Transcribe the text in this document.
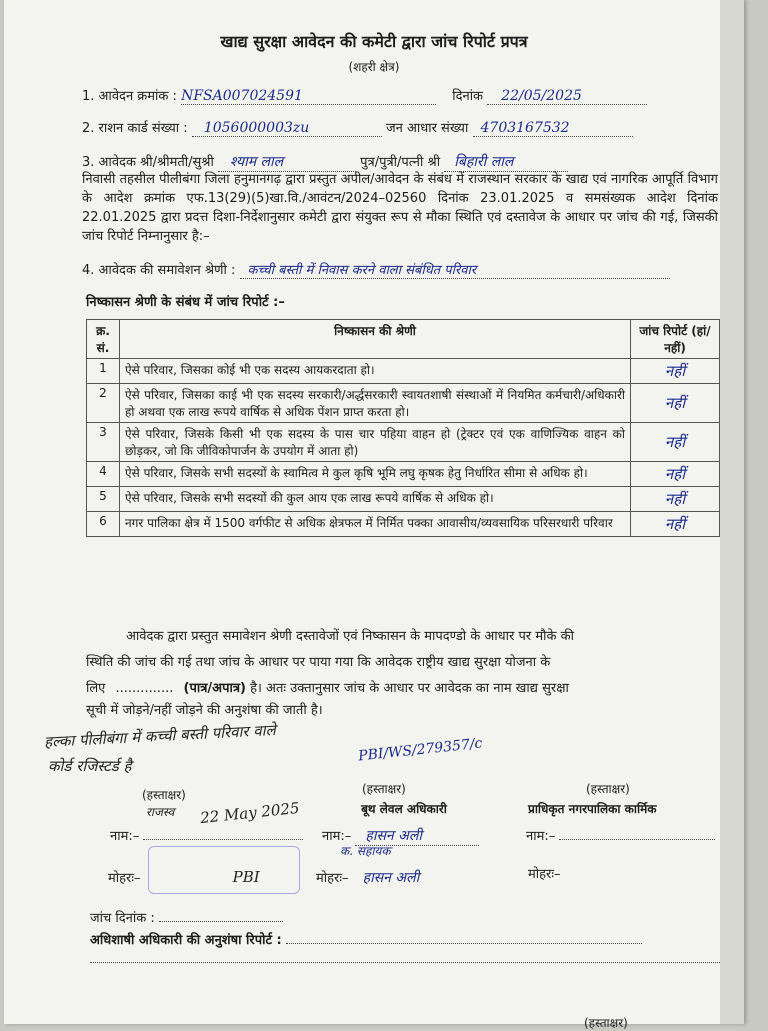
खाद्य सुरक्षा आवेदन की कमेटी द्वारा जांच रिपोर्ट प्रपत्र
(शहरी क्षेत्र)
1. आवेदन क्रमांक : NFSA007024591	दिनांक 22/05/2025
2. राशन कार्ड संख्या : 1056000003zu	जन आधार संख्या 4703167532
3. आवेदक श्री/श्रीमती/सुश्री श्याम लाल	पुत्र/पुत्री/पत्नी श्री बिहारी लाल
निवासी तहसील पीलीबंगा जिला हनुमानगढ़ द्वारा प्रस्तुत अपील/आवेदन के संबंध में राजस्थान सरकार के खाद्य एवं नागरिक आपूर्ति विभाग के आदेश क्रमांक एफ.13(29)(5)खा.वि./आवंटन/2024–02560 दिनांक 23.01.2025 व समसंख्यक आदेश दिनांक 22.01.2025 द्वारा प्रदत्त दिशा-निर्देशानुसार कमेटी द्वारा संयुक्त रूप से मौका स्थिति एवं दस्तावेज के आधार पर जांच की गई, जिसकी जांच रिपोर्ट निम्नानुसार है:–
4. आवेदक की समावेशन श्रेणी : कच्ची बस्ती में निवास करने वाला संबंधित परिवार
निष्कासन श्रेणी के संबंध में जांच रिपोर्ट :–
क्र. सं.	निष्कासन की श्रेणी	जांच रिपोर्ट (हां/नहीं)
1	ऐसे परिवार, जिसका कोई भी एक सदस्य आयकरदाता हो।	नहीं
2	ऐसे परिवार, जिसका काई भी एक सदस्य सरकारी/अर्द्धसरकारी स्वायतशाषी संस्थाओं में नियमित कर्मचारी/अधिकारी हो अथवा एक लाख रूपये वार्षिक से अधिक पेंशन प्राप्त करता हो।	नहीं
3	ऐसे परिवार, जिसके किसी भी एक सदस्य के पास चार पहिया वाहन हो (ट्रेक्टर एवं एक वाणिज्यिक वाहन को छोड़कर, जो कि जीविकोपार्जन के उपयोग में आता हो)	नहीं
4	ऐसे परिवार, जिसके सभी सदस्यों के स्वामित्व मे कुल कृषि भूमि लघु कृषक हेतु निर्धारित सीमा से अधिक हो।	नहीं
5	ऐसे परिवार, जिसके सभी सदस्यों की कुल आय एक लाख रूपये वार्षिक से अधिक हो।	नहीं
6	नगर पालिका क्षेत्र में 1500 वर्गफीट से अधिक क्षेत्रफल में निर्मित पक्का आवासीय/व्यवसायिक परिसरधारी परिवार	नहीं
आवेदक द्वारा प्रस्तुत समावेशन श्रेणी दस्तावेजों एवं निष्कासन के मापदण्डो के आधार पर मौके की
स्थिति की जांच की गई तथा जांच के आधार पर पाया गया कि आवेदक राष्ट्रीय खाद्य सुरक्षा योजना के
लिए .............. (पात्र/अपात्र) है। अतः उक्तानुसार जांच के आधार पर आवेदक का नाम खाद्य सुरक्षा
सूची में जोड़ने/नहीं जोड़ने की अनुशंषा की जाती है।
हल्का पीलीबंगा में कच्ची बस्ती परिवार वाले
कोर्ड रजिस्टर्ड है
PBI/WS/279357/c
(हस्ताक्षर)	(हस्ताक्षर)	(हस्ताक्षर)
राजस्व 22 May 2025	बूथ लेवल अधिकारी	प्राधिकृत नगरपालिका कार्मिक
नाम:–	नाम:– हासन अली
क. सहायक
नाम:–
मोहरः–	PBI	मोहरः– हासन अली	मोहरः–
जांच दिनांक :
अधिशाषी अधिकारी की अनुशंषा रिपोर्ट :
(हस्ताक्षर)
